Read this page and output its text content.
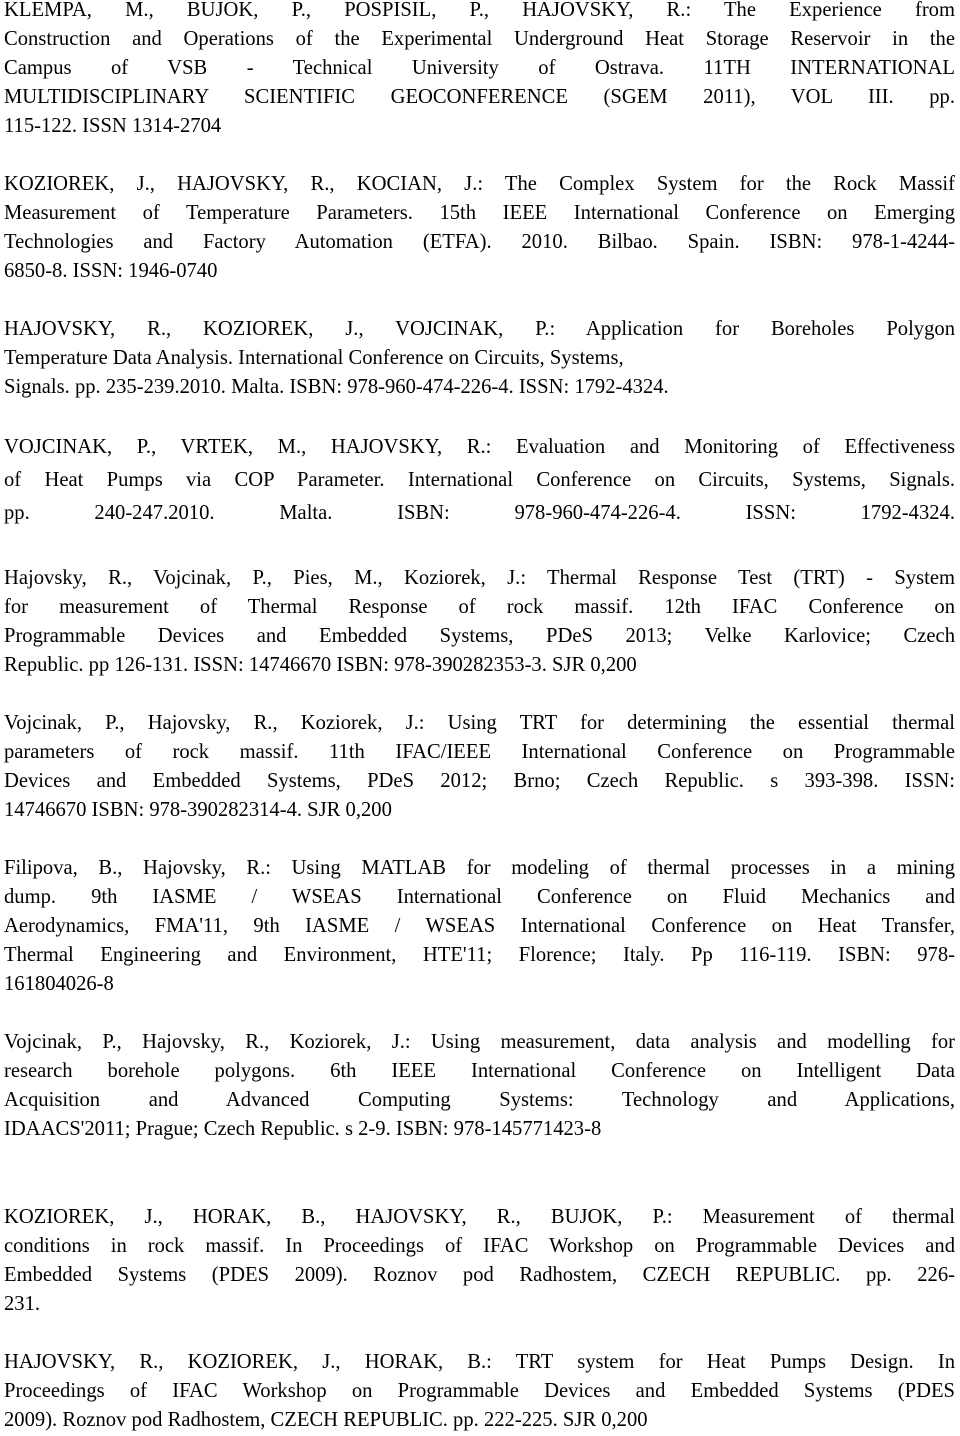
KLEMPA, M., BUJOK, P., POSPISIL, P., HAJOVSKY, R.: The Experience from
Construction and Operations of the Experimental Underground Heat Storage Reservoir in the
Campus of VSB - Technical University of Ostrava. 11TH INTERNATIONAL
MULTIDISCIPLINARY SCIENTIFIC GEOCONFERENCE (SGEM 2011), VOL III. pp.
115-122. ISSN 1314-2704

KOZIOREK, J., HAJOVSKY, R., KOCIAN, J.: The Complex System for the Rock Massif
Measurement of Temperature Parameters. 15th IEEE International Conference on Emerging
Technologies and Factory Automation (ETFA). 2010. Bilbao. Spain. ISBN: 978-1-4244-
6850-8. ISSN: 1946-0740

HAJOVSKY, R., KOZIOREK, J., VOJCINAK, P.: Application for Boreholes Polygon
Temperature Data Analysis. International Conference on Circuits, Systems,
Signals. pp. 235-239.2010. Malta. ISBN: 978-960-474-226-4. ISSN: 1792-4324.

VOJCINAK, P., VRTEK, M., HAJOVSKY, R.: Evaluation and Monitoring of Effectiveness
of Heat Pumps via COP Parameter. International Conference on Circuits, Systems, Signals.
pp. 240-247.2010. Malta. ISBN: 978-960-474-226-4. ISSN: 1792-4324.

Hajovsky, R., Vojcinak, P., Pies, M., Koziorek, J.: Thermal Response Test (TRT) - System
for measurement of Thermal Response of rock massif. 12th IFAC Conference on
Programmable Devices and Embedded Systems, PDeS 2013; Velke Karlovice; Czech
Republic. pp 126-131. ISSN: 14746670 ISBN: 978-390282353-3. SJR 0,200

Vojcinak, P., Hajovsky, R., Koziorek, J.: Using TRT for determining the essential thermal
parameters of rock massif. 11th IFAC/IEEE International Conference on Programmable
Devices and Embedded Systems, PDeS 2012; Brno; Czech Republic. s 393-398. ISSN:
14746670 ISBN: 978-390282314-4. SJR 0,200

Filipova, B., Hajovsky, R.: Using MATLAB for modeling of thermal processes in a mining
dump. 9th IASME / WSEAS International Conference on Fluid Mechanics and
Aerodynamics, FMA'11, 9th IASME / WSEAS International Conference on Heat Transfer,
Thermal Engineering and Environment, HTE'11; Florence; Italy. Pp 116-119. ISBN: 978-
161804026-8

Vojcinak, P., Hajovsky, R., Koziorek, J.: Using measurement, data analysis and modelling for
research borehole polygons. 6th IEEE International Conference on Intelligent Data
Acquisition and Advanced Computing Systems: Technology and Applications,
IDAACS'2011; Prague; Czech Republic. s 2-9. ISBN: 978-145771423-8

KOZIOREK, J., HORAK, B., HAJOVSKY, R., BUJOK, P.: Measurement of thermal
conditions in rock massif. In Proceedings of IFAC Workshop on Programmable Devices and
Embedded Systems (PDES 2009). Roznov pod Radhostem, CZECH REPUBLIC. pp. 226-
231.

HAJOVSKY, R., KOZIOREK, J., HORAK, B.: TRT system for Heat Pumps Design. In
Proceedings of IFAC Workshop on Programmable Devices and Embedded Systems (PDES
2009). Roznov pod Radhostem, CZECH REPUBLIC. pp. 222-225. SJR 0,200
